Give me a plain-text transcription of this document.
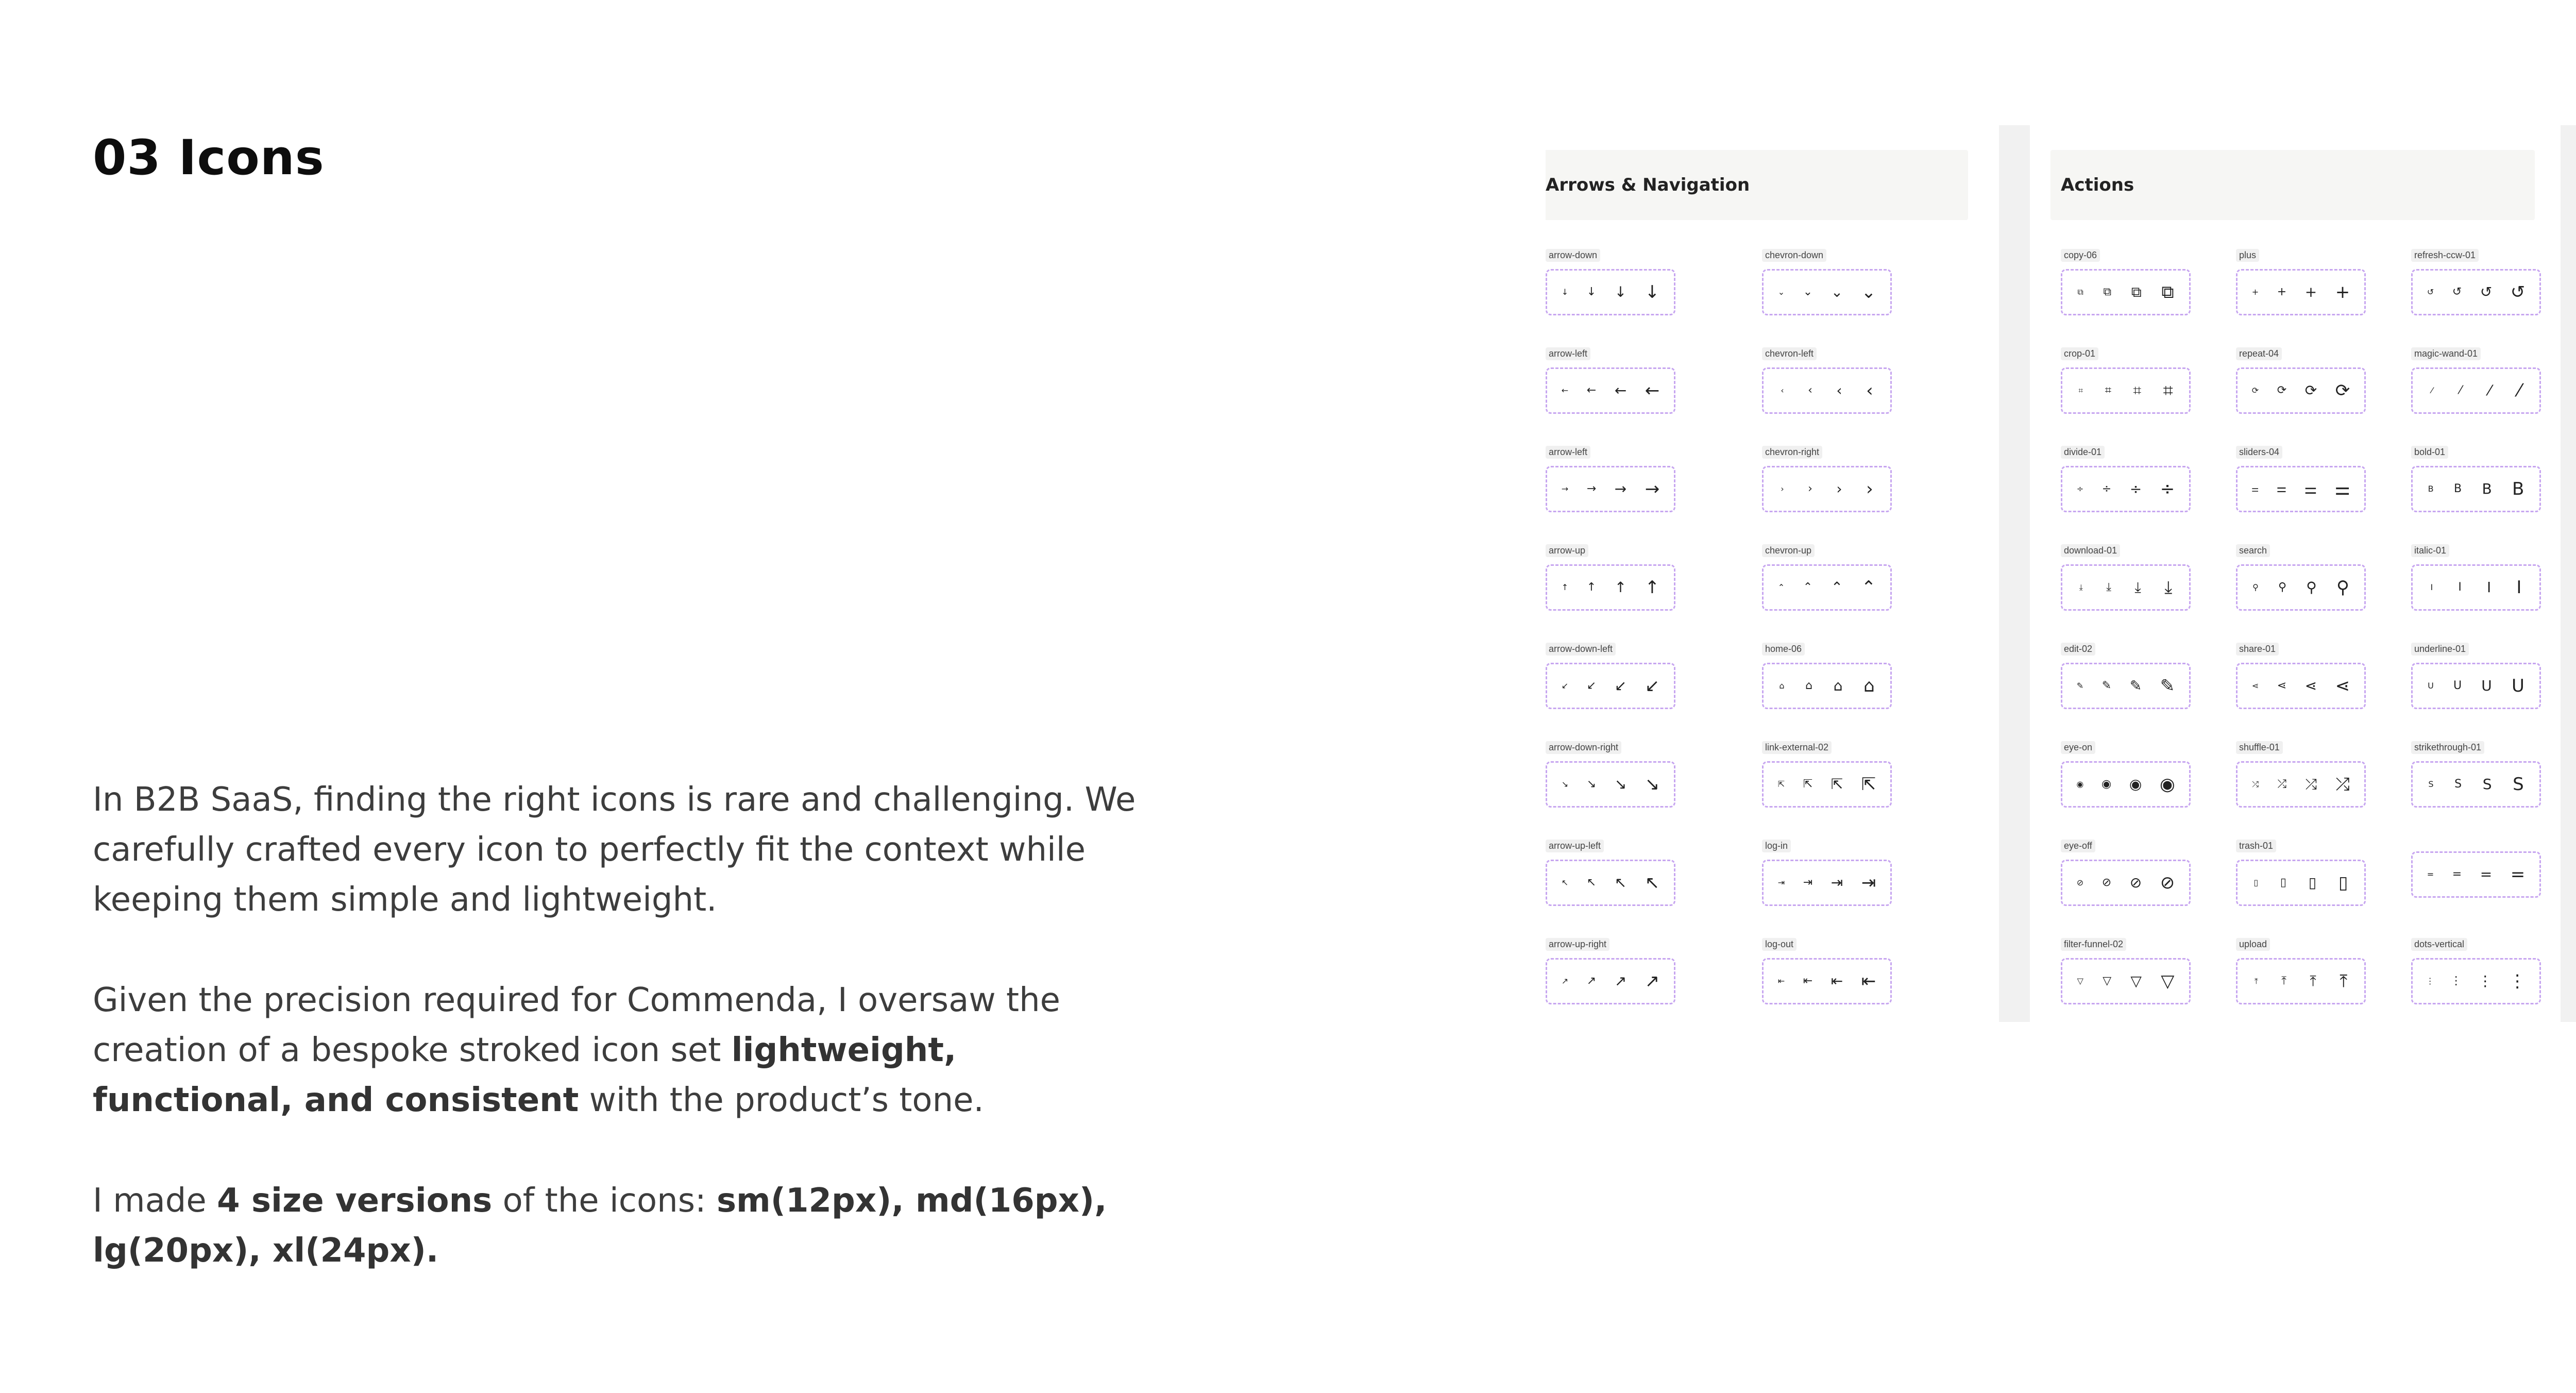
03 Icons

In B2B SaaS, finding the right icons is rare and challenging. We carefully crafted every icon to perfectly fit the context while keeping them simple and lightweight.

Given the precision required for Commenda, I oversaw the creation of a bespoke stroked icon set lightweight, functional, and consistent with the product’s tone.

I made 4 size versions of the icons: sm(12px), md(16px), lg(20px), xl(24px).

Arrows & Navigation
arrow-down
↓ ↓ ↓ ↓
arrow-left
← ← ← ←
arrow-left
→ → → →
arrow-up
↑ ↑ ↑ ↑
arrow-down-left
↙ ↙ ↙ ↙
arrow-down-right
↘ ↘ ↘ ↘
arrow-up-left
↖ ↖ ↖ ↖
arrow-up-right
↗ ↗ ↗ ↗
chevron-down
⌄ ⌄ ⌄ ⌄
chevron-left
‹ ‹ ‹ ‹
chevron-right
› › › ›
chevron-up
⌃ ⌃ ⌃ ⌃
home-06
⌂ ⌂ ⌂ ⌂
link-external-02
⇱ ⇱ ⇱ ⇱
log-in
⇥ ⇥ ⇥ ⇥
log-out
⇤ ⇤ ⇤ ⇤
Actions
copy-06
⧉ ⧉ ⧉ ⧉
crop-01
⌗ ⌗ ⌗ ⌗
divide-01
÷ ÷ ÷ ÷
download-01
⤓ ⤓ ⤓ ⤓
edit-02
✎ ✎ ✎ ✎
eye-on
◉ ◉ ◉ ◉
eye-off
⊘ ⊘ ⊘ ⊘
filter-funnel-02
▽ ▽ ▽ ▽
plus
+ + + +
repeat-04
⟳ ⟳ ⟳ ⟳
sliders-04
⚌ ⚌ ⚌ ⚌
search
⚲ ⚲ ⚲ ⚲
share-01
⋖ ⋖ ⋖ ⋖
shuffle-01
⤮ ⤮ ⤮ ⤮
trash-01
▯ ▯ ▯ ▯
upload
⤒ ⤒ ⤒ ⤒
refresh-ccw-01
↺ ↺ ↺ ↺
magic-wand-01
⁄ ⁄ ⁄ ⁄
bold-01
B B B B
italic-01
I I I I
underline-01
U U U U
strikethrough-01
S S S S
= = = =
dots-vertical
⋮ ⋮ ⋮ ⋮
